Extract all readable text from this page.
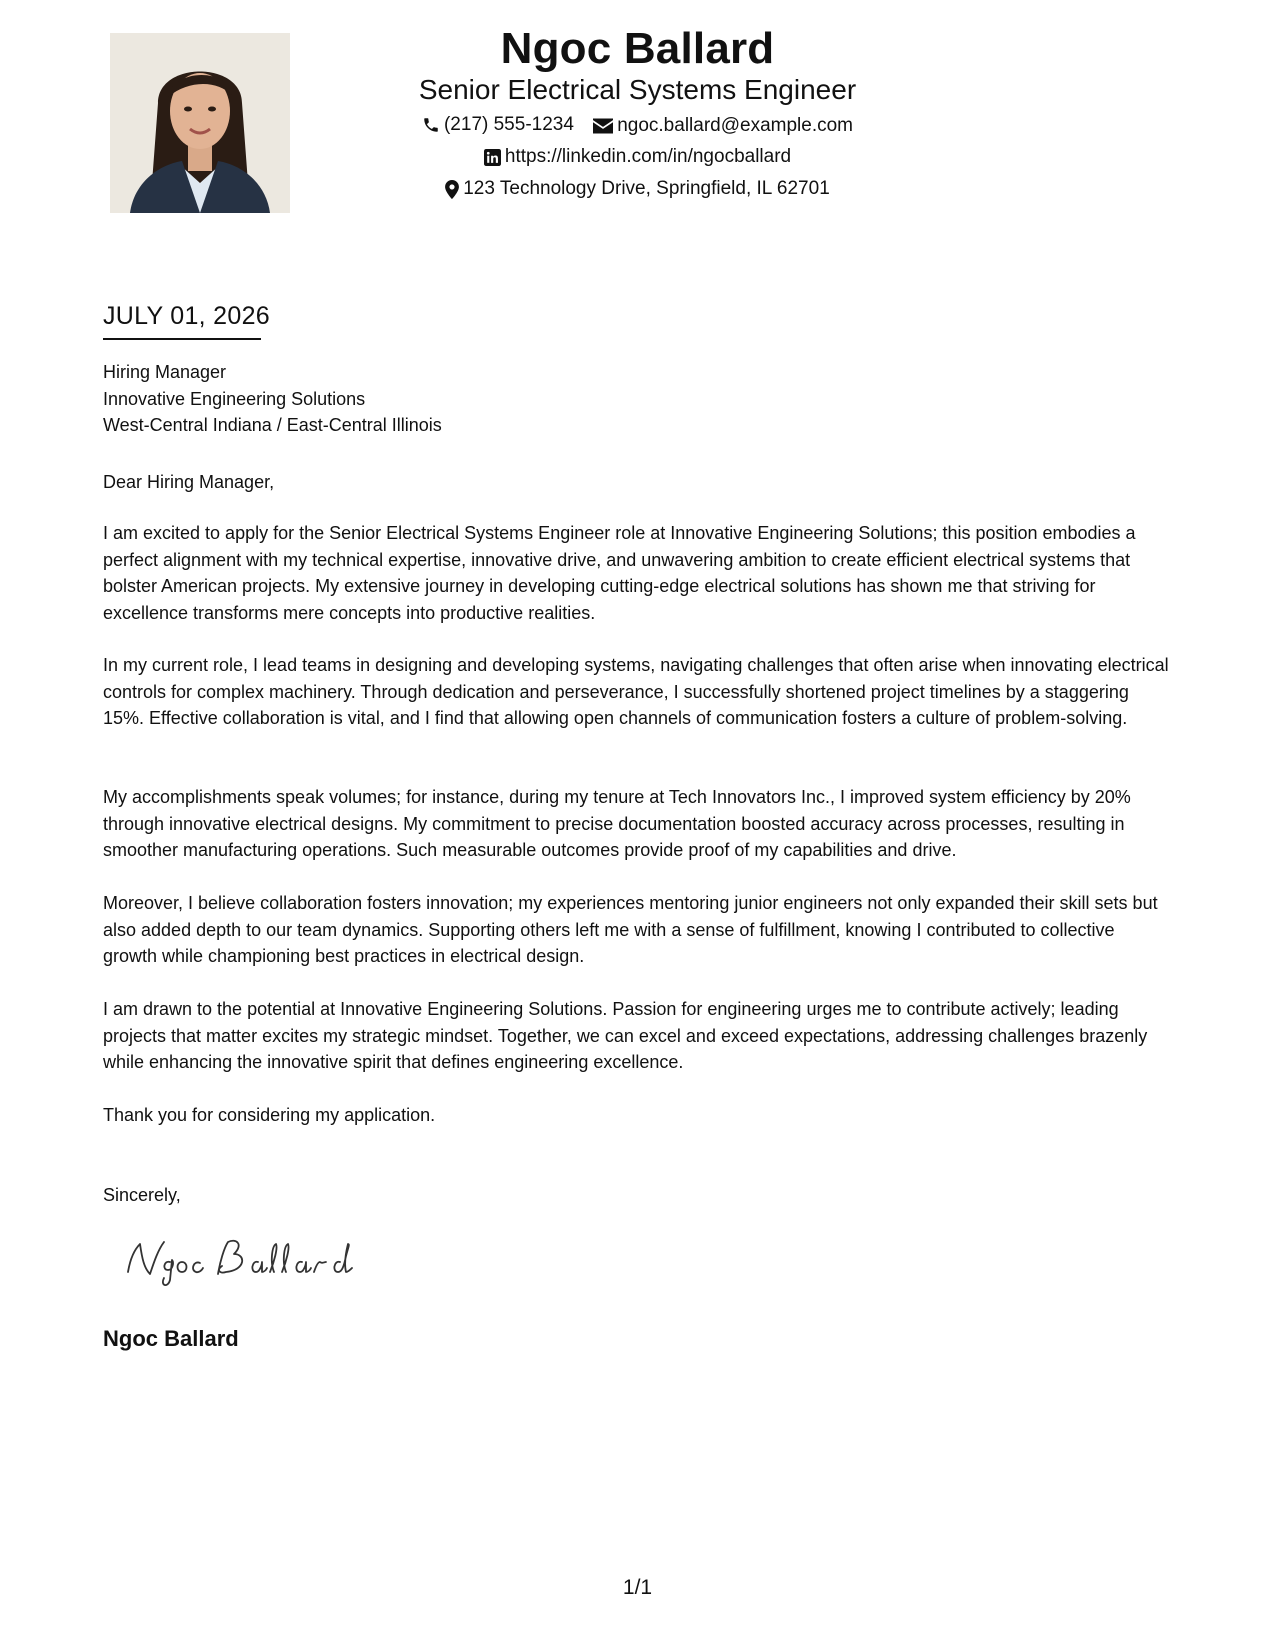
Ngoc Ballard
Senior Electrical Systems Engineer
(217) 555-1234
ngoc.ballard@example.com
https://linkedin.com/in/ngocballard
123 Technology Drive, Springfield, IL 62701
JULY 01, 2026
Hiring Manager
Innovative Engineering Solutions
West-Central Indiana / East-Central Illinois
Dear Hiring Manager,
I am excited to apply for the Senior Electrical Systems Engineer role at Innovative Engineering Solutions; this position embodies a perfect alignment with my technical expertise, innovative drive, and unwavering ambition to create efficient electrical systems that bolster American projects. My extensive journey in developing cutting-edge electrical solutions has shown me that striving for excellence transforms mere concepts into productive realities.
In my current role, I lead teams in designing and developing systems, navigating challenges that often arise when innovating electrical controls for complex machinery. Through dedication and perseverance, I successfully shortened project timelines by a staggering 15%. Effective collaboration is vital, and I find that allowing open channels of communication fosters a culture of problem-solving.
My accomplishments speak volumes; for instance, during my tenure at Tech Innovators Inc., I improved system efficiency by 20% through innovative electrical designs. My commitment to precise documentation boosted accuracy across processes, resulting in smoother manufacturing operations. Such measurable outcomes provide proof of my capabilities and drive.
Moreover, I believe collaboration fosters innovation; my experiences mentoring junior engineers not only expanded their skill sets but also added depth to our team dynamics. Supporting others left me with a sense of fulfillment, knowing I contributed to collective growth while championing best practices in electrical design.
I am drawn to the potential at Innovative Engineering Solutions. Passion for engineering urges me to contribute actively; leading projects that matter excites my strategic mindset. Together, we can excel and exceed expectations, addressing challenges brazenly while enhancing the innovative spirit that defines engineering excellence.
Thank you for considering my application.
Sincerely,
Ngoc Ballard
1/1
